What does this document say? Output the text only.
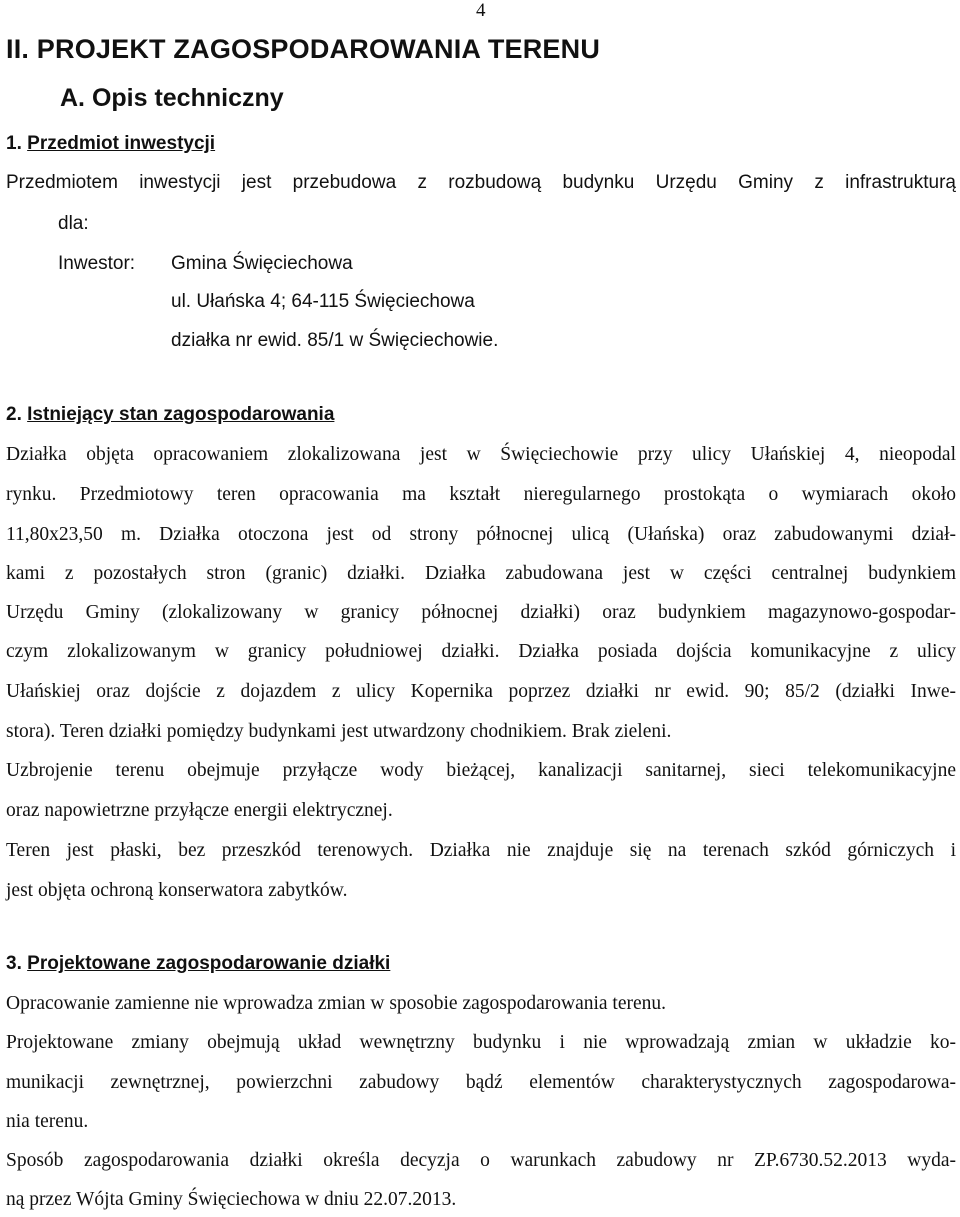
4
II. PROJEKT ZAGOSPODAROWANIA TERENU
A. Opis techniczny
1. Przedmiot inwestycji
Przedmiotem inwestycji jest przebudowa z rozbudową budynku Urzędu Gminy z infrastrukturą
dla:
Inwestor: Gmina Święciechowa
ul. Ułańska 4; 64-115 Święciechowa
działka nr ewid. 85/1 w Święciechowie.
2. Istniejący stan zagospodarowania
Działka objęta opracowaniem zlokalizowana jest w Święciechowie przy ulicy Ułańskiej 4, nieopodal
rynku. Przedmiotowy teren opracowania ma kształt nieregularnego prostokąta o wymiarach około
11,80x23,50 m. Działka otoczona jest od strony północnej ulicą (Ułańska) oraz zabudowanymi dział-
kami z pozostałych stron (granic) działki. Działka zabudowana jest w części centralnej budynkiem
Urzędu Gminy (zlokalizowany w granicy północnej działki) oraz budynkiem magazynowo-gospodar-
czym zlokalizowanym w granicy południowej działki. Działka posiada dojścia komunikacyjne z ulicy
Ułańskiej oraz dojście z dojazdem z ulicy Kopernika poprzez działki nr ewid. 90; 85/2 (działki Inwe-
stora). Teren działki pomiędzy budynkami jest utwardzony chodnikiem. Brak zieleni.
Uzbrojenie terenu obejmuje przyłącze wody bieżącej, kanalizacji sanitarnej, sieci telekomunikacyjne
oraz napowietrzne przyłącze energii elektrycznej.
Teren jest płaski, bez przeszkód terenowych. Działka nie znajduje się na terenach szkód górniczych i
jest objęta ochroną konserwatora zabytków.
3. Projektowane zagospodarowanie działki
Opracowanie zamienne nie wprowadza zmian w sposobie zagospodarowania terenu.
Projektowane zmiany obejmują układ wewnętrzny budynku i nie wprowadzają zmian w układzie ko-
munikacji zewnętrznej, powierzchni zabudowy bądź elementów charakterystycznych zagospodarowa-
nia terenu.
Sposób zagospodarowania działki określa decyzja o warunkach zabudowy nr ZP.6730.52.2013 wyda-
ną przez Wójta Gminy Święciechowa w dniu 22.07.2013.
